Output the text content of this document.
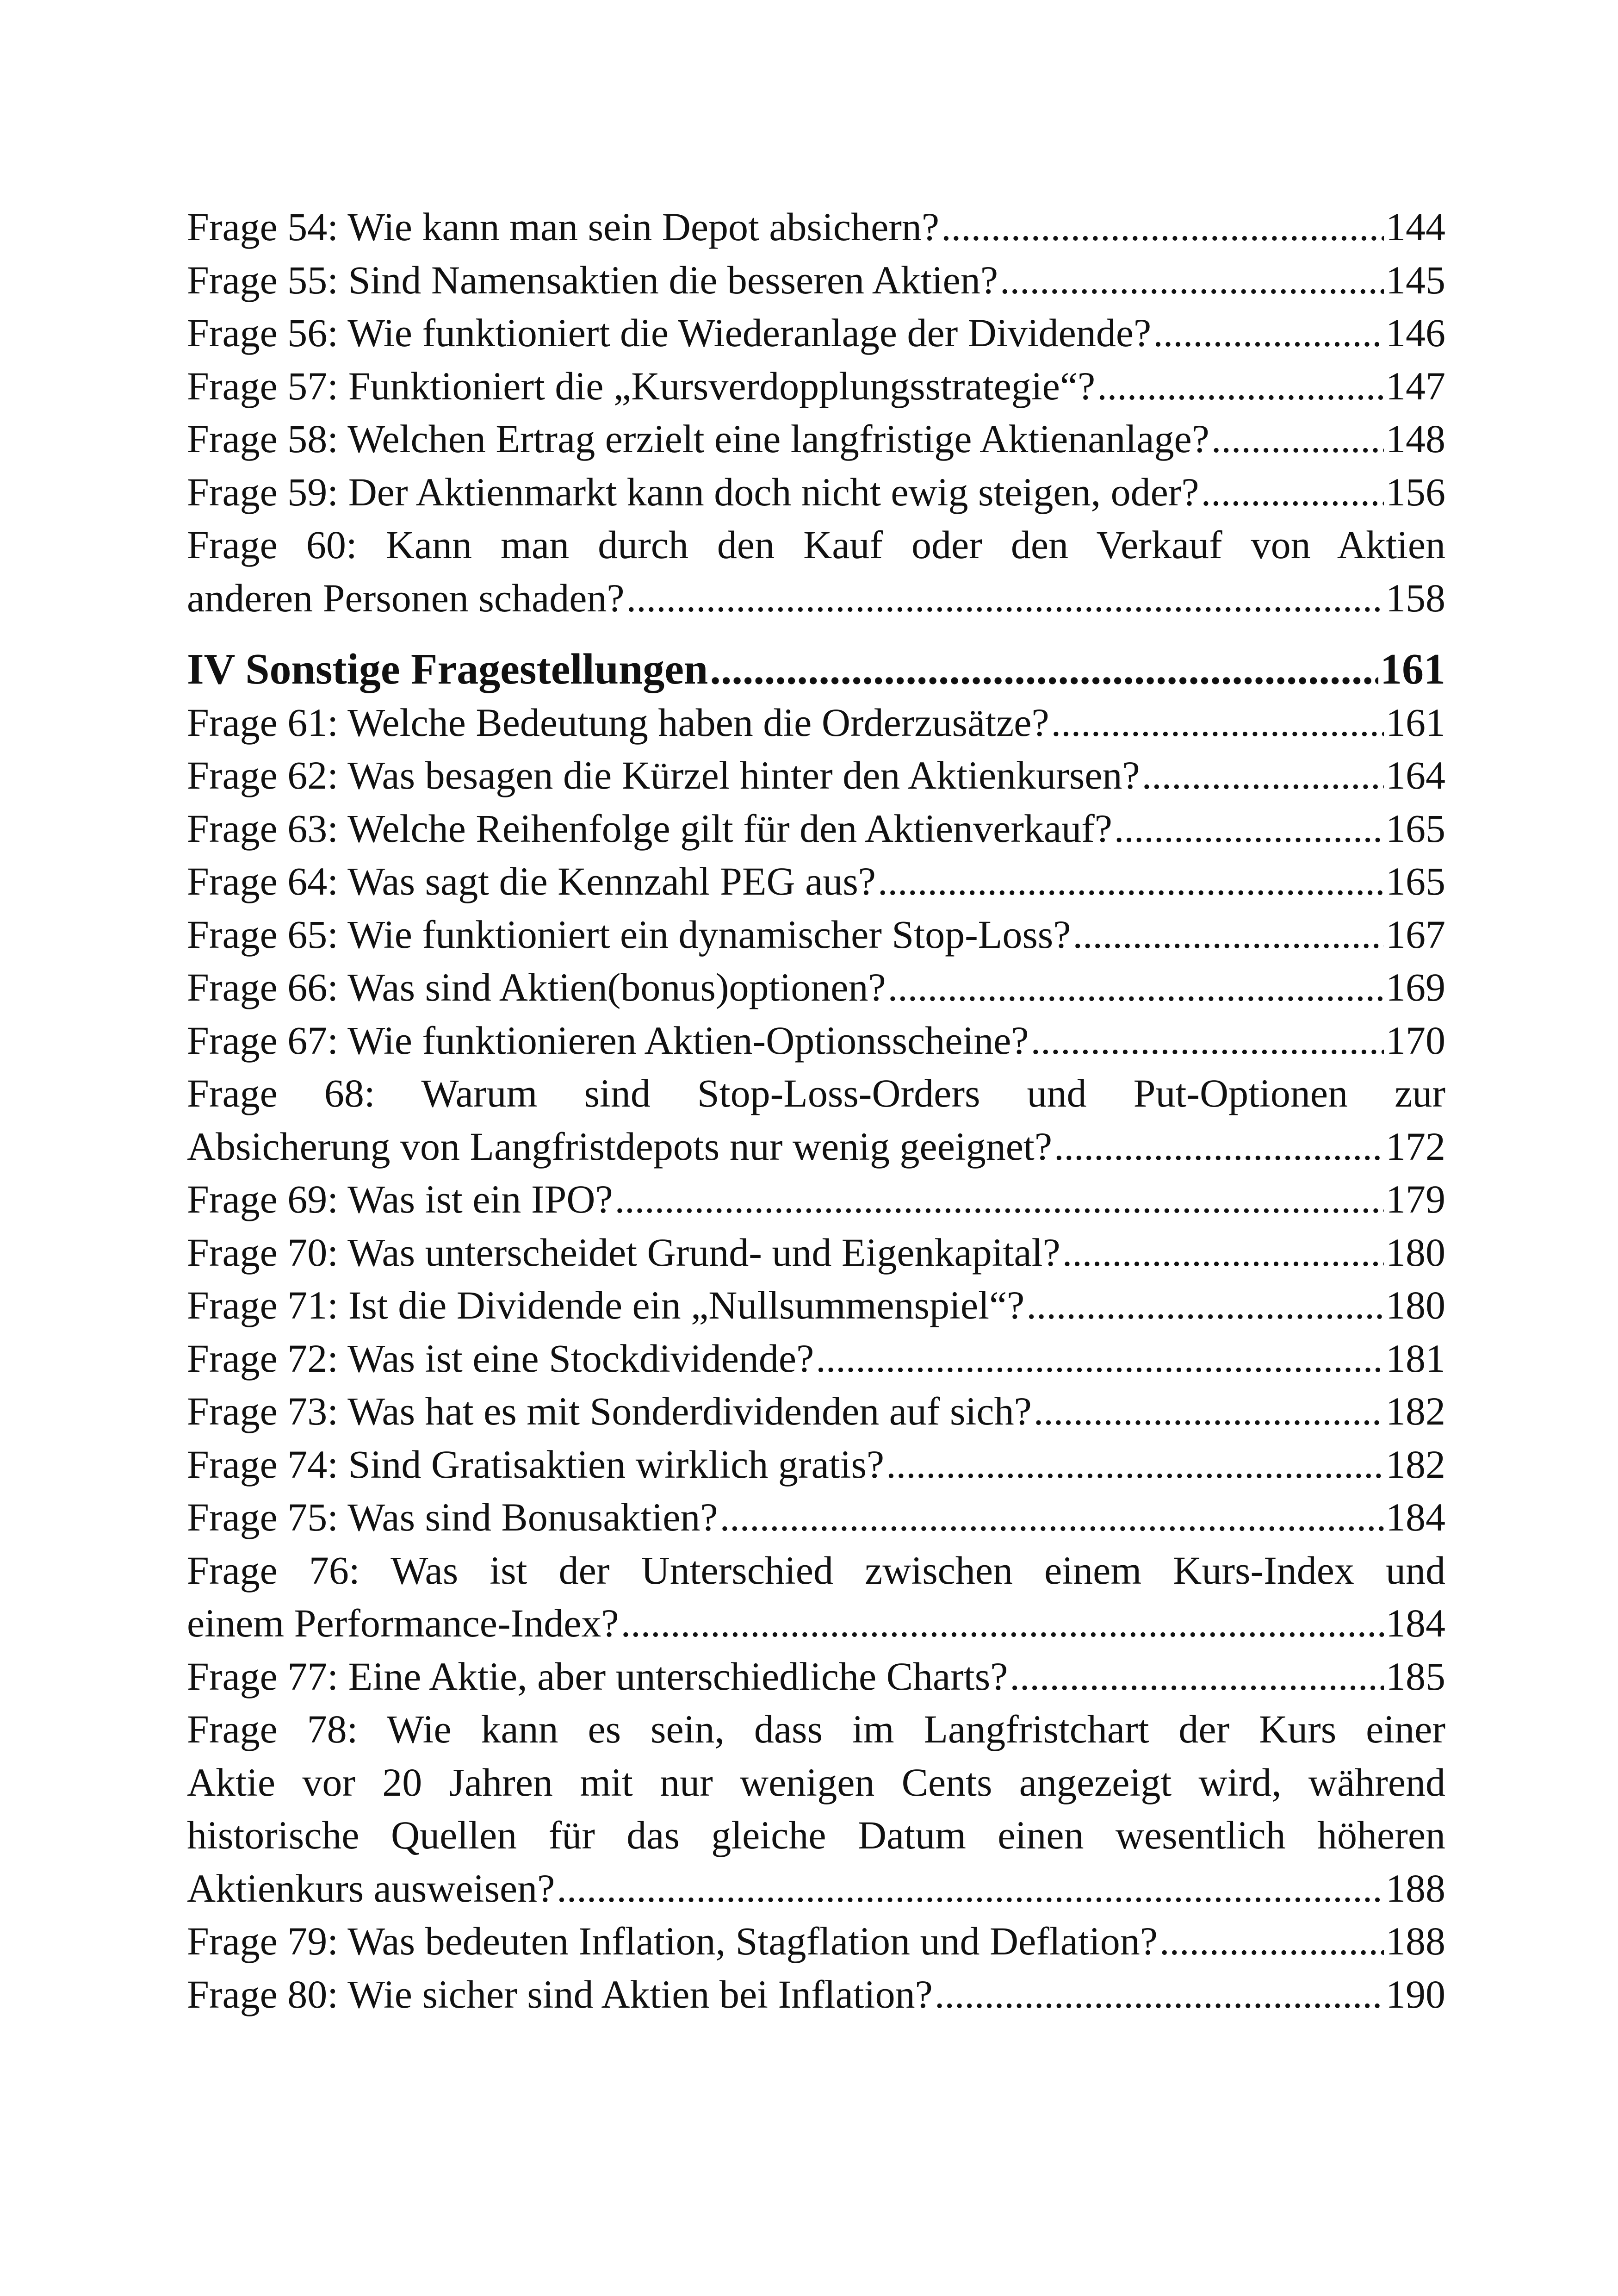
Frage 54: Wie kann man sein Depot absichern? .....	144
Frage 55: Sind Namensaktien die besseren Aktien? .....	145
Frage 56: Wie funktioniert die Wiederanlage der Dividende? .....	146
Frage 57: Funktioniert die „Kursverdopplungsstrategie“? .....	147
Frage 58: Welchen Ertrag erzielt eine langfristige Aktienanlage? .....	148
Frage 59: Der Aktienmarkt kann doch nicht ewig steigen, oder? .....	156
Frage 60: Kann man durch den Kauf oder den Verkauf von Aktien
anderen Personen schaden? .....	158
IV Sonstige Fragestellungen .....	161
Frage 61: Welche Bedeutung haben die Orderzusätze? .....	161
Frage 62: Was besagen die Kürzel hinter den Aktienkursen? .....	164
Frage 63: Welche Reihenfolge gilt für den Aktienverkauf? .....	165
Frage 64: Was sagt die Kennzahl PEG aus? .....	165
Frage 65: Wie funktioniert ein dynamischer Stop-Loss? .....	167
Frage 66: Was sind Aktien(bonus)optionen? .....	169
Frage 67: Wie funktionieren Aktien-Optionsscheine? .....	170
Frage 68: Warum sind Stop-Loss-Orders und Put-Optionen zur
Absicherung von Langfristdepots nur wenig geeignet? .....	172
Frage 69: Was ist ein IPO? .....	179
Frage 70: Was unterscheidet Grund- und Eigenkapital? .....	180
Frage 71: Ist die Dividende ein „Nullsummenspiel“? .....	180
Frage 72: Was ist eine Stockdividende? .....	181
Frage 73: Was hat es mit Sonderdividenden auf sich? .....	182
Frage 74: Sind Gratisaktien wirklich gratis? .....	182
Frage 75: Was sind Bonusaktien? .....	184
Frage 76: Was ist der Unterschied zwischen einem Kurs-Index und
einem Performance-Index? .....	184
Frage 77: Eine Aktie, aber unterschiedliche Charts? .....	185
Frage 78: Wie kann es sein, dass im Langfristchart der Kurs einer
Aktie vor 20 Jahren mit nur wenigen Cents angezeigt wird, während
historische Quellen für das gleiche Datum einen wesentlich höheren
Aktienkurs ausweisen? .....	188
Frage 79: Was bedeuten Inflation, Stagflation und Deflation? .....	188
Frage 80: Wie sicher sind Aktien bei Inflation? .....	190
